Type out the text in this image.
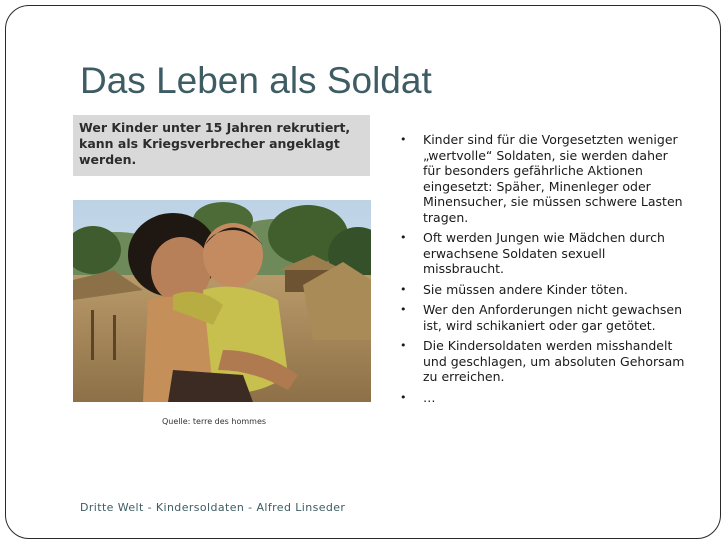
Das Leben als Soldat
Wer Kinder unter 15 Jahren rekrutiert,
kann als Kriegsverbrecher angeklagt
werden.
Quelle: terre des hommes
• Kinder sind für die Vorgesetzten weniger „wertvolle“ Soldaten, sie werden daher für besonders gefährliche Aktionen eingesetzt: Späher, Minenleger oder Minensucher, sie müssen schwere Lasten tragen.
• Oft werden Jungen wie Mädchen durch erwachsene Soldaten sexuell missbraucht.
• Sie müssen andere Kinder töten.
• Wer den Anforderungen nicht gewachsen ist, wird schikaniert oder gar getötet.
• Die Kindersoldaten werden misshandelt und geschlagen, um absoluten Gehorsam zu erreichen.
• …
Dritte Welt - Kindersoldaten - Alfred Linseder
